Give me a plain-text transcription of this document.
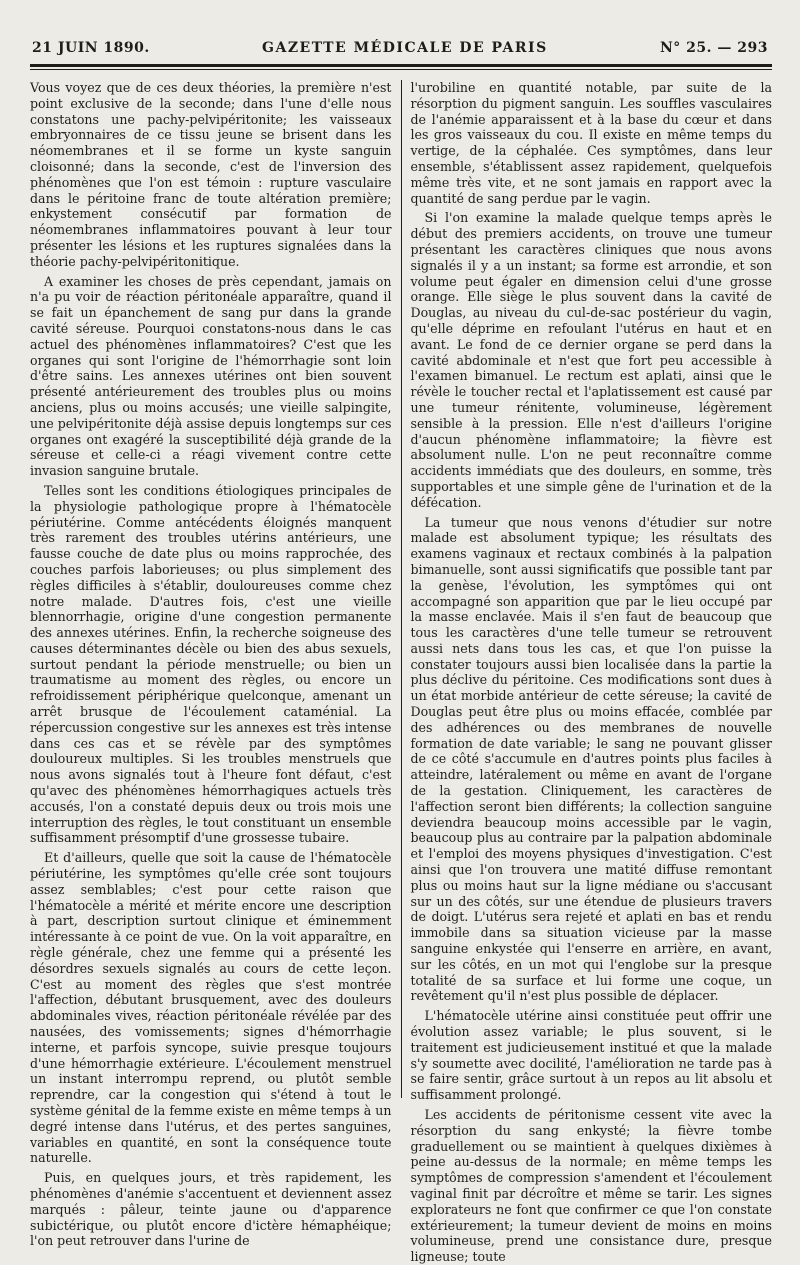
21 JUIN 1890.	GAZETTE MÉDICALE DE PARIS	N° 25. — 293

Vous voyez que de ces deux théories, la première n'est point exclusive de la seconde; dans l'une d'elle nous constatons une pachy-pelvipéritonite; les vaisseaux embryonnaires de ce tissu jeune se brisent dans les néomembranes et il se forme un kyste sanguin cloisonné; dans la seconde, c'est de l'inversion des phénomènes que l'on est témoin : rupture vasculaire dans le péritoine franc de toute altération première; enkystement consécutif par formation de néomembranes inflammatoires pouvant à leur tour présenter les lésions et les ruptures signalées dans la théorie pachy-pelvipéritonitique.

A examiner les choses de près cependant, jamais on n'a pu voir de réaction péritonéale apparaître, quand il se fait un épanchement de sang pur dans la grande cavité séreuse. Pourquoi constatons-nous dans le cas actuel des phénomènes inflammatoires? C'est que les organes qui sont l'origine de l'hémorrhagie sont loin d'être sains. Les annexes utérines ont bien souvent présenté antérieurement des troubles plus ou moins anciens, plus ou moins accusés; une vieille salpingite, une pelvipéritonite déjà assise depuis longtemps sur ces organes ont exagéré la susceptibilité déjà grande de la séreuse et celle-ci a réagi vivement contre cette invasion sanguine brutale.

Telles sont les conditions étiologiques principales de la physiologie pathologique propre à l'hématocèle périutérine. Comme antécédents éloignés manquent très rarement des troubles utérins antérieurs, une fausse couche de date plus ou moins rapprochée, des couches parfois laborieuses; ou plus simplement des règles difficiles à s'établir, douloureuses comme chez notre malade. D'autres fois, c'est une vieille blennorrhagie, origine d'une congestion permanente des annexes utérines. Enfin, la recherche soigneuse des causes déterminantes décèle ou bien des abus sexuels, surtout pendant la période menstruelle; ou bien un traumatisme au moment des règles, ou encore un refroidissement périphérique quelconque, amenant un arrêt brusque de l'écoulement cataménial. La répercussion congestive sur les annexes est très intense dans ces cas et se révèle par des symptômes douloureux multiples. Si les troubles menstruels que nous avons signalés tout à l'heure font défaut, c'est qu'avec des phénomènes hémorrhagiques actuels très accusés, l'on a constaté depuis deux ou trois mois une interruption des règles, le tout constituant un ensemble suffisamment présomptif d'une grossesse tubaire.

Et d'ailleurs, quelle que soit la cause de l'hématocèle périutérine, les symptômes qu'elle crée sont toujours assez semblables; c'est pour cette raison que l'hématocèle a mérité et mérite encore une description à part, description surtout clinique et éminemment intéressante à ce point de vue. On la voit apparaître, en règle générale, chez une femme qui a présenté les désordres sexuels signalés au cours de cette leçon. C'est au moment des règles que s'est montrée l'affection, débutant brusquement, avec des douleurs abdominales vives, réaction péritonéale révélée par des nausées, des vomissements; signes d'hémorrhagie interne, et parfois syncope, suivie presque toujours d'une hémorrhagie extérieure. L'écoulement menstruel un instant interrompu reprend, ou plutôt semble reprendre, car la congestion qui s'étend à tout le système génital de la femme existe en même temps à un degré intense dans l'utérus, et des pertes sanguines, variables en quantité, en sont la conséquence toute naturelle.

Puis, en quelques jours, et très rapidement, les phénomènes d'anémie s'accentuent et deviennent assez marqués : pâleur, teinte jaune ou d'apparence subictérique, ou plutôt encore d'ictère hémaphéique; l'on peut retrouver dans l'urine de

l'urobiline en quantité notable, par suite de la résorption du pigment sanguin. Les souffles vasculaires de l'anémie apparaissent et à la base du cœur et dans les gros vaisseaux du cou. Il existe en même temps du vertige, de la céphalée. Ces symptômes, dans leur ensemble, s'établissent assez rapidement, quelquefois même très vite, et ne sont jamais en rapport avec la quantité de sang perdue par le vagin.

Si l'on examine la malade quelque temps après le début des premiers accidents, on trouve une tumeur présentant les caractères cliniques que nous avons signalés il y a un instant; sa forme est arrondie, et son volume peut égaler en dimension celui d'une grosse orange. Elle siège le plus souvent dans la cavité de Douglas, au niveau du cul-de-sac postérieur du vagin, qu'elle déprime en refoulant l'utérus en haut et en avant. Le fond de ce dernier organe se perd dans la cavité abdominale et n'est que fort peu accessible à l'examen bimanuel. Le rectum est aplati, ainsi que le révèle le toucher rectal et l'aplatissement est causé par une tumeur rénitente, volumineuse, légèrement sensible à la pression. Elle n'est d'ailleurs l'origine d'aucun phénomène inflammatoire; la fièvre est absolument nulle. L'on ne peut reconnaître comme accidents immédiats que des douleurs, en somme, très supportables et une simple gêne de l'urination et de la défécation.

La tumeur que nous venons d'étudier sur notre malade est absolument typique; les résultats des examens vaginaux et rectaux combinés à la palpation bimanuelle, sont aussi significatifs que possible tant par la genèse, l'évolution, les symptômes qui ont accompagné son apparition que par le lieu occupé par la masse enclavée. Mais il s'en faut de beaucoup que tous les caractères d'une telle tumeur se retrouvent aussi nets dans tous les cas, et que l'on puisse la constater toujours aussi bien localisée dans la partie la plus déclive du péritoine. Ces modifications sont dues à un état morbide antérieur de cette séreuse; la cavité de Douglas peut être plus ou moins effacée, comblée par des adhérences ou des membranes de nouvelle formation de date variable; le sang ne pouvant glisser de ce côté s'accumule en d'autres points plus faciles à atteindre, latéralement ou même en avant de l'organe de la gestation. Cliniquement, les caractères de l'affection seront bien différents; la collection sanguine deviendra beaucoup moins accessible par le vagin, beaucoup plus au contraire par la palpation abdominale et l'emploi des moyens physiques d'investigation. C'est ainsi que l'on trouvera une matité diffuse remontant plus ou moins haut sur la ligne médiane ou s'accusant sur un des côtés, sur une étendue de plusieurs travers de doigt. L'utérus sera rejeté et aplati en bas et rendu immobile dans sa situation vicieuse par la masse sanguine enkystée qui l'enserre en arrière, en avant, sur les côtés, en un mot qui l'englobe sur la presque totalité de sa surface et lui forme une coque, un revêtement qu'il n'est plus possible de déplacer.

L'hématocèle utérine ainsi constituée peut offrir une évolution assez variable; le plus souvent, si le traitement est judicieusement institué et que la malade s'y soumette avec docilité, l'amélioration ne tarde pas à se faire sentir, grâce surtout à un repos au lit absolu et suffisamment prolongé.

Les accidents de péritonisme cessent vite avec la résorption du sang enkysté; la fièvre tombe graduellement ou se maintient à quelques dixièmes à peine au-dessus de la normale; en même temps les symptômes de compression s'amendent et l'écoulement vaginal finit par décroître et même se tarir. Les signes explorateurs ne font que confirmer ce que l'on constate extérieurement; la tumeur devient de moins en moins volumineuse, prend une consistance dure, presque ligneuse; toute
